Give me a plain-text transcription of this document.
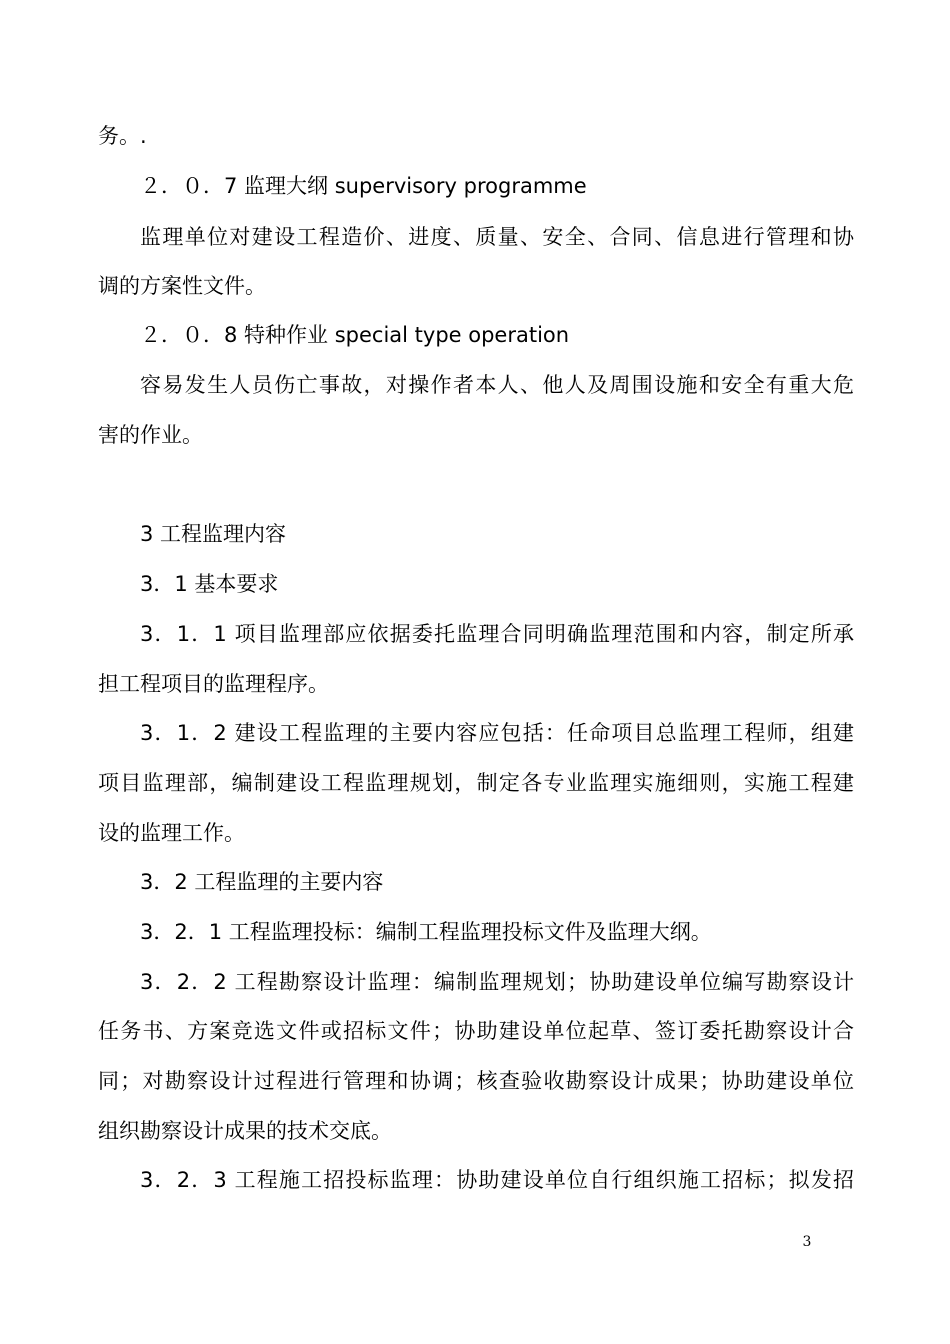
务。.
２．０．7 监理大纲 supervisory programme
监理单位对建设工程造价、进度、质量、安全、合同、信息进行管理和协
调的方案性文件。
２．０．8 特种作业 special type operation
容易发生人员伤亡事故，对操作者本人、他人及周围设施和安全有重大危
害的作业。
3 工程监理内容
3．1 基本要求
3．1．1 项目监理部应依据委托监理合同明确监理范围和内容，制定所承
担工程项目的监理程序。
3．1．2 建设工程监理的主要内容应包括：任命项目总监理工程师，组建
项目监理部，编制建设工程监理规划，制定各专业监理实施细则，实施工程建
设的监理工作。
3．2 工程监理的主要内容
3．2．1 工程监理投标：编制工程监理投标文件及监理大纲。
3．2．2 工程勘察设计监理：编制监理规划；协助建设单位编写勘察设计
任务书、方案竞选文件或招标文件；协助建设单位起草、签订委托勘察设计合
同；对勘察设计过程进行管理和协调；核查验收勘察设计成果；协助建设单位
组织勘察设计成果的技术交底。
3．2．3 工程施工招投标监理：协助建设单位自行组织施工招标；拟发招
3
